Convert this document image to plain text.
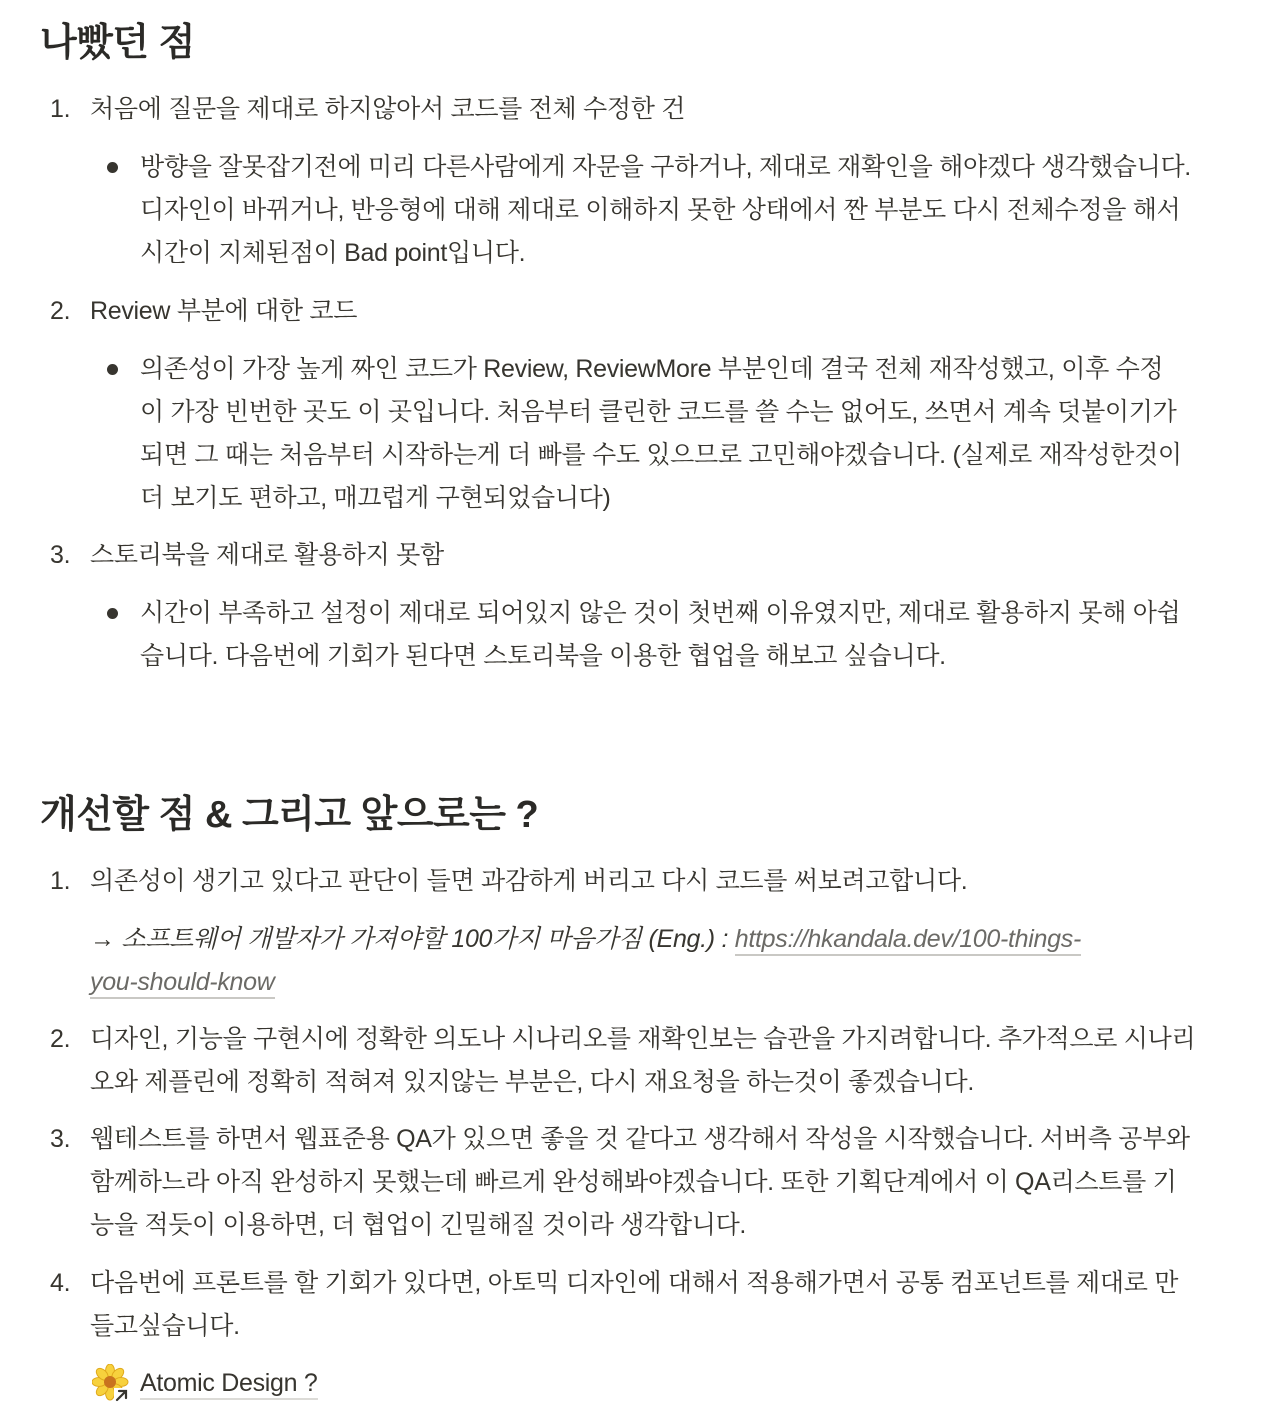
나빴던 점
1. 처음에 질문을 제대로 하지않아서 코드를 전체 수정한 건
방향을 잘못잡기전에 미리 다른사람에게 자문을 구하거나, 제대로 재확인을 해야겠다 생각했습니다.
디자인이 바뀌거나, 반응형에 대해 제대로 이해하지 못한 상태에서 짠 부분도 다시 전체수정을 해서
시간이 지체된점이 Bad point입니다.
2. Review 부분에 대한 코드
의존성이 가장 높게 짜인 코드가 Review, ReviewMore 부분인데 결국 전체 재작성했고, 이후 수정
이 가장 빈번한 곳도 이 곳입니다. 처음부터 클린한 코드를 쓸 수는 없어도, 쓰면서 계속 덧붙이기가
되면 그 때는 처음부터 시작하는게 더 빠를 수도 있으므로 고민해야겠습니다. (실제로 재작성한것이
더 보기도 편하고, 매끄럽게 구현되었습니다)
3. 스토리북을 제대로 활용하지 못함
시간이 부족하고 설정이 제대로 되어있지 않은 것이 첫번째 이유였지만, 제대로 활용하지 못해 아쉽
습니다. 다음번에 기회가 된다면 스토리북을 이용한 협업을 해보고 싶습니다.
개선할 점 & 그리고 앞으로는 ?
1. 의존성이 생기고 있다고 판단이 들면 과감하게 버리고 다시 코드를 써보려고합니다.
→ 소프트웨어 개발자가 가져야할 100가지 마음가짐 (Eng.) : https://hkandala.dev/100-things-
you-should-know
2. 디자인, 기능을 구현시에 정확한 의도나 시나리오를 재확인보는 습관을 가지려합니다. 추가적으로 시나리
오와 제플린에 정확히 적혀져 있지않는 부분은, 다시 재요청을 하는것이 좋겠습니다.
3. 웹테스트를 하면서 웹표준용 QA가 있으면 좋을 것 같다고 생각해서 작성을 시작했습니다. 서버측 공부와
함께하느라 아직 완성하지 못했는데 빠르게 완성해봐야겠습니다. 또한 기획단계에서 이 QA리스트를 기
능을 적듯이 이용하면, 더 협업이 긴밀해질 것이라 생각합니다.
4. 다음번에 프론트를 할 기회가 있다면, 아토믹 디자인에 대해서 적용해가면서 공통 컴포넌트를 제대로 만
들고싶습니다.
Atomic Design ?
